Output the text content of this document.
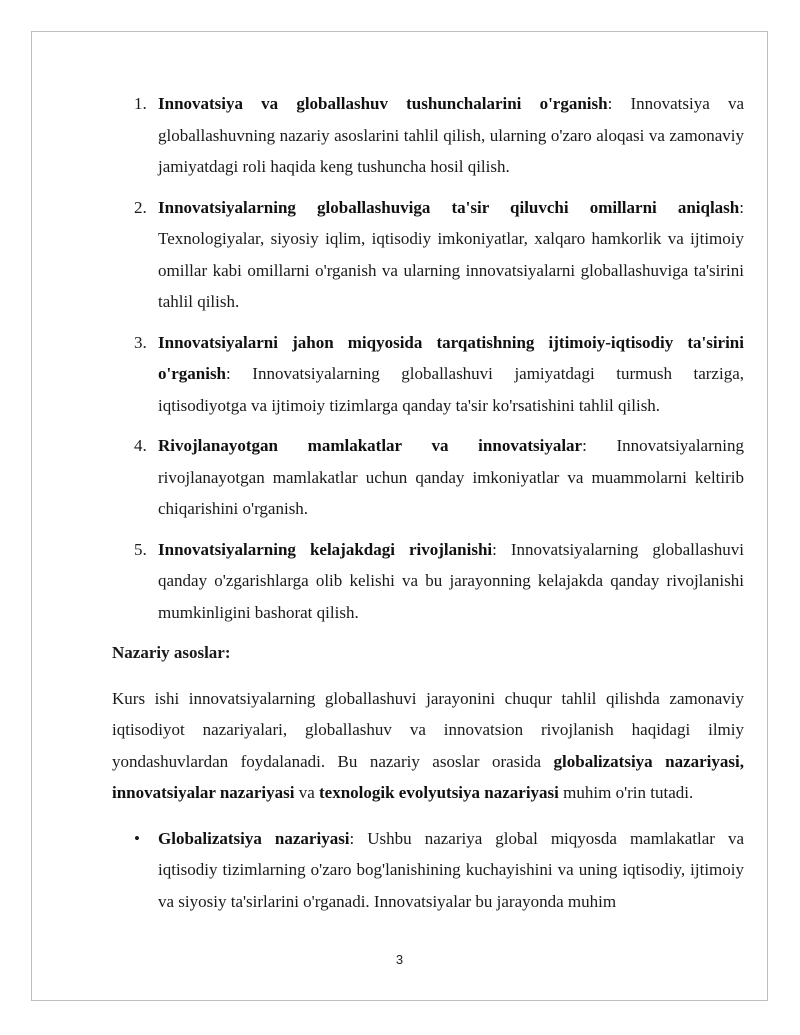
1. Innovatsiya va globallashuv tushunchalarini o'rganish: Innovatsiya va globallashuvning nazariy asoslarini tahlil qilish, ularning o'zaro aloqasi va zamonaviy jamiyatdagi roli haqida keng tushuncha hosil qilish.
2. Innovatsiyalarning globallashuviga ta'sir qiluvchi omillarni aniqlash: Texnologiyalar, siyosiy iqlim, iqtisodiy imkoniyatlar, xalqaro hamkorlik va ijtimoiy omillar kabi omillarni o'rganish va ularning innovatsiyalarni globallashuviga ta'sirini tahlil qilish.
3. Innovatsiyalarni jahon miqyosida tarqatishning ijtimoiy-iqtisodiy ta'sirini o'rganish: Innovatsiyalarning globallashuvi jamiyatdagi turmush tarziga, iqtisodiyotga va ijtimoiy tizimlarga qanday ta'sir ko'rsatishini tahlil qilish.
4. Rivojlanayotgan mamlakatlar va innovatsiyalar: Innovatsiyalarning rivojlanayotgan mamlakatlar uchun qanday imkoniyatlar va muammolarni keltirib chiqarishini o'rganish.
5. Innovatsiyalarning kelajakdagi rivojlanishi: Innovatsiyalarning globallashuvi qanday o'zgarishlarga olib kelishi va bu jarayonning kelajakda qanday rivojlanishi mumkinligini bashorat qilish.

Nazariy asoslar:

Kurs ishi innovatsiyalarning globallashuvi jarayonini chuqur tahlil qilishda zamonaviy iqtisodiyot nazariyalari, globallashuv va innovatsion rivojlanish haqidagi ilmiy yondashuvlardan foydalanadi. Bu nazariy asoslar orasida globalizatsiya nazariyasi, innovatsiyalar nazariyasi va texnologik evolyutsiya nazariyasi muhim o'rin tutadi.

• Globalizatsiya nazariyasi: Ushbu nazariya global miqyosda mamlakatlar va iqtisodiy tizimlarning o'zaro bog'lanishining kuchayishini va uning iqtisodiy, ijtimoiy va siyosiy ta'sirlarini o'rganadi. Innovatsiyalar bu jarayonda muhim
3
